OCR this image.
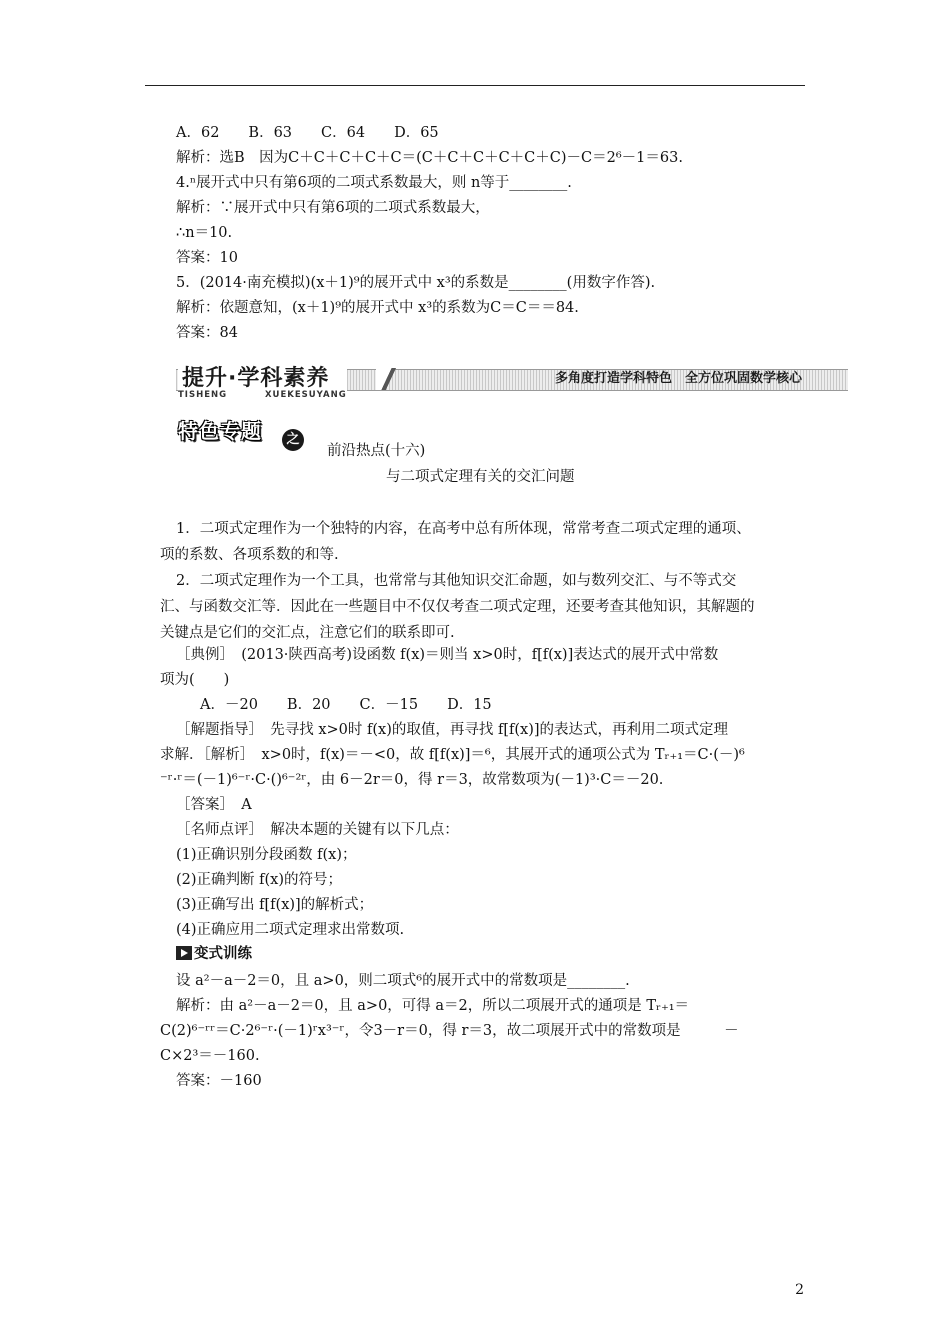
A．62　　B．63　　C．64　　D．65
解析：选B　因为C＋C＋C＋C＋C＝(C＋C＋C＋C＋C＋C)－C＝2⁶－1＝63.
4.ⁿ展开式中只有第6项的二项式系数最大，则 n等于________.
解析：∵展开式中只有第6项的二项式系数最大，
∴n＝10.
答案：10
5．(2014·南充模拟)(x＋1)⁹的展开式中 x³的系数是________(用数字作答).
解析：依题意知，(x＋1)⁹的展开式中 x³的系数为C＝C＝＝84.
答案：84
提升·学科素养
TISHENG	XUEKESUYANG
多角度打造学科特色　全方位巩固数学核心
特色专题	之
前沿热点(十六)
与二项式定理有关的交汇问题
1．二项式定理作为一个独特的内容，在高考中总有所体现，常常考查二项式定理的通项、
项的系数、各项系数的和等.
2．二项式定理作为一个工具，也常常与其他知识交汇命题，如与数列交汇、与不等式交
汇、与函数交汇等．因此在一些题目中不仅仅考查二项式定理，还要考查其他知识，其解题的
关键点是它们的交汇点，注意它们的联系即可.
［典例］　(2013·陕西高考)设函数 f(x)＝则当 x>0时，f[f(x)]表达式的展开式中常数
项为(　　)
A．－20　　B．20　　C．－15　　D．15
［解题指导］　先寻找 x>0时 f(x)的取值，再寻找 f[f(x)]的表达式，再利用二项式定理
求解．［解析］　x>0时，f(x)＝－<0，故 f[f(x)]＝⁶，其展开式的通项公式为 Tᵣ₊₁＝C·(－)⁶
⁻ʳ·ʳ＝(－1)⁶⁻ʳ·C·()⁶⁻²ʳ，由 6－2r＝0，得 r＝3，故常数项为(－1)³·C＝－20.
［答案］　A
［名师点评］　解决本题的关键有以下几点：
(1)正确识别分段函数 f(x)；
(2)正确判断 f(x)的符号；
(3)正确写出 f[f(x)]的解析式；
(4)正确应用二项式定理求出常数项.
变式训练
设 a²－a－2＝0，且 a>0，则二项式⁶的展开式中的常数项是________.
解析：由 a²－a－2＝0，且 a>0，可得 a＝2，所以二项展开式的通项是 Tᵣ₊₁＝
C(2)⁶⁻ʳʳ＝C·2⁶⁻ʳ·(－1)ʳx³⁻ʳ，令3－r＝0，得 r＝3，故二项展开式中的常数项是　　　－
C×2³＝－160.
答案：－160
2
